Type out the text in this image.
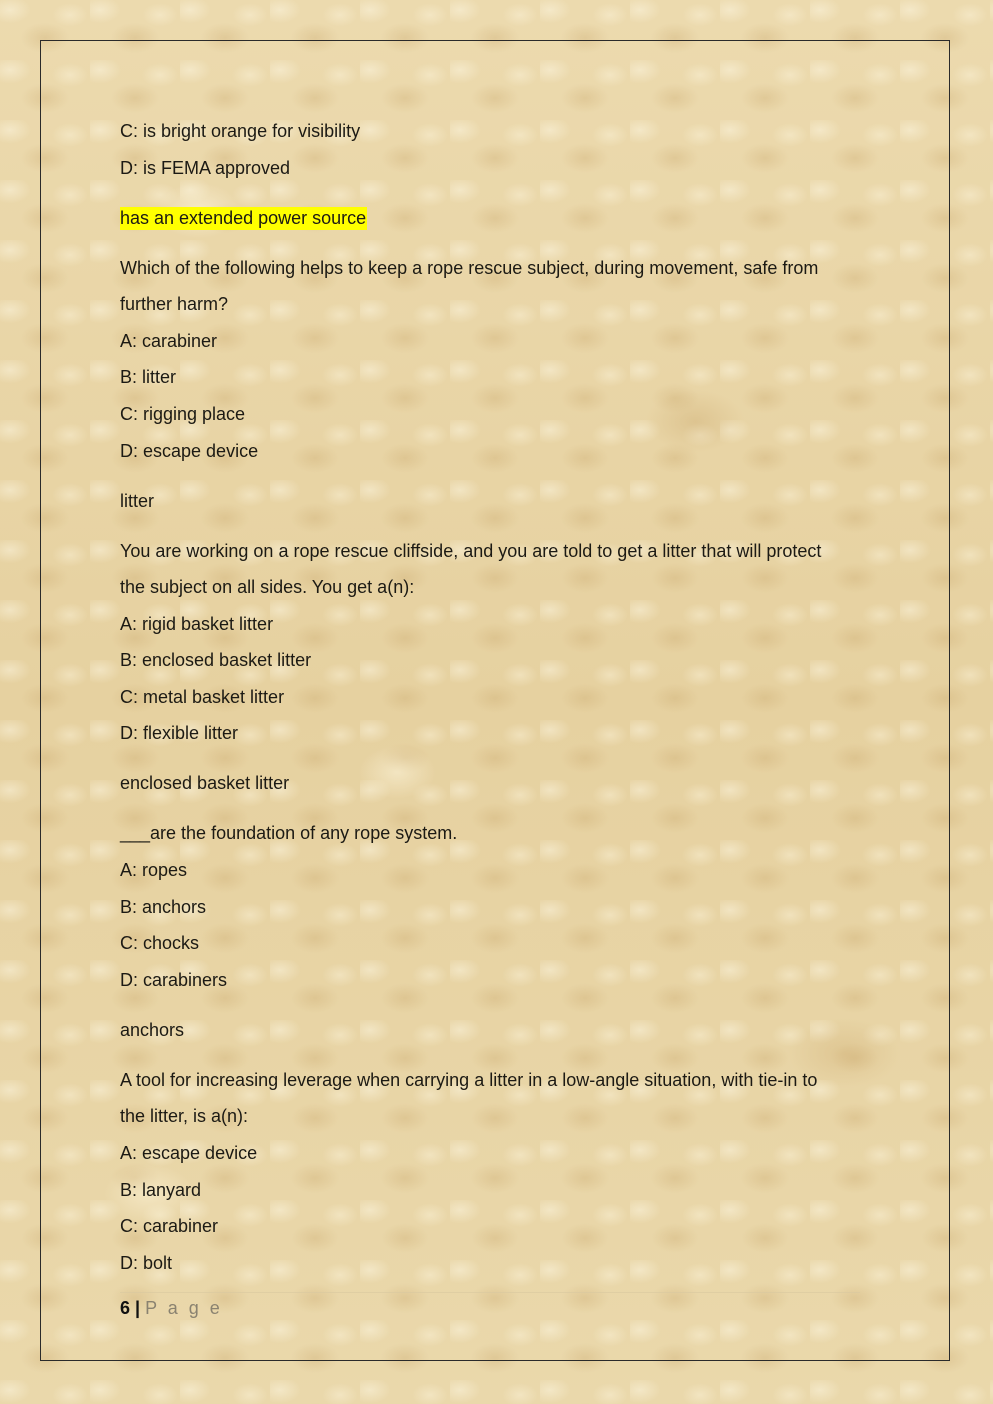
C: is bright orange for visibility
D: is FEMA approved
has an extended power source
Which of the following helps to keep a rope rescue subject, during movement, safe from
further harm?
A: carabiner
B: litter
C: rigging place
D: escape device
litter
You are working on a rope rescue cliffside, and you are told to get a litter that will protect
the subject on all sides. You get a(n):
A: rigid basket litter
B: enclosed basket litter
C: metal basket litter
D: flexible litter
enclosed basket litter
___are the foundation of any rope system.
A: ropes
B: anchors
C: chocks
D: carabiners
anchors
A tool for increasing leverage when carrying a litter in a low-angle situation, with tie-in to
the litter, is a(n):
A: escape device
B: lanyard
C: carabiner
D: bolt
6 | P a g e
